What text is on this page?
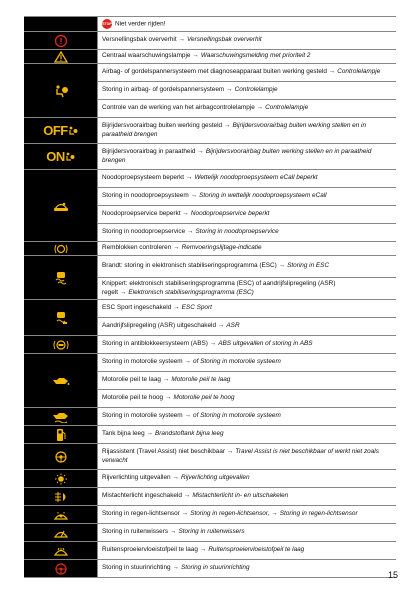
STOP Niet verder rijden!
Versnellingsbak oververhit → Versnellingsbak oververhit
Centraal waarschuwingslampje → Waarschuwingsmelding met prioriteit 2
Airbag- of gordelspannersysteem met diagnoseapparaat buiten werking gesteld → Controlelampje
Storing in airbag- of gordelspannersysteem → Controlelampje
Controle van de werking van het airbagcontrolelampje → Controlelampje
OFF	Bijrijdersvoorairbag buiten werking gesteld → Bijrijdersvoorairbag buiten werking stellen en in paraatheid brengen
ON	Bijrijdersvoorairbag in paraatheid → Bijrijdersvoorairbag buiten werking stellen en in paraatheid brengen
Noodoproepsysteem beperkt → Wettelijk noodoproepsysteem eCall beperkt
Storing in noodoproepsysteem → Storing in wettelijk noodoproepsysteem eCall
Noodoproepservice beperkt → Noodoproepservice beperkt
Storing in noodoproepservice → Storing in noodoproepservice
Remblokken controleren → Remvoeringslijtage-indicatie
Brandt: storing in elektronisch stabiliseringsprogramma (ESC) → Storing in ESC
Knippert: elektronisch stabiliseringsprogramma (ESC) of aandrijfslipregeling (ASR) regelt → Elektronisch stabiliseringsprogramma (ESC)
ESC Sport ingeschakeld → ESC Sport
Aandrijfslipregeling (ASR) uitgeschakeld → ASR
Storing in antiblokkeersysteem (ABS) → ABS uitgevallen of storing in ABS
Storing in motorolie systeem → of Storing in motorolie systeem
Motorolie peil te laag → Motorolie peil te laag
Motorolie peil te hoog → Motorolie peil te hoog
Storing in motorolie systeem → of Storing in motorolie systeem
Tank bijna leeg → Brandstoftank bijna leeg
Rijassistent (Travel Assist) niet beschikbaar → Travel Assist is niet beschikbaar of werkt niet zoals verwacht
Rijverlichting uitgevallen → Rijverlichting uitgevallen
Mistachterlicht ingeschakeld → Mistachterlicht in- en uitschakelen
Storing in regen-lichtsensor → Storing in regen-lichtsensor, → Storing in regen-lichtsensor
Storing in ruitenwissers → Storing in ruitenwissers
Ruitensproeiervloeistofpeil te laag → Ruitensproeiervloeistofpeil te laag
Storing in stuurinrichting → Storing in stuurinrichting
15
